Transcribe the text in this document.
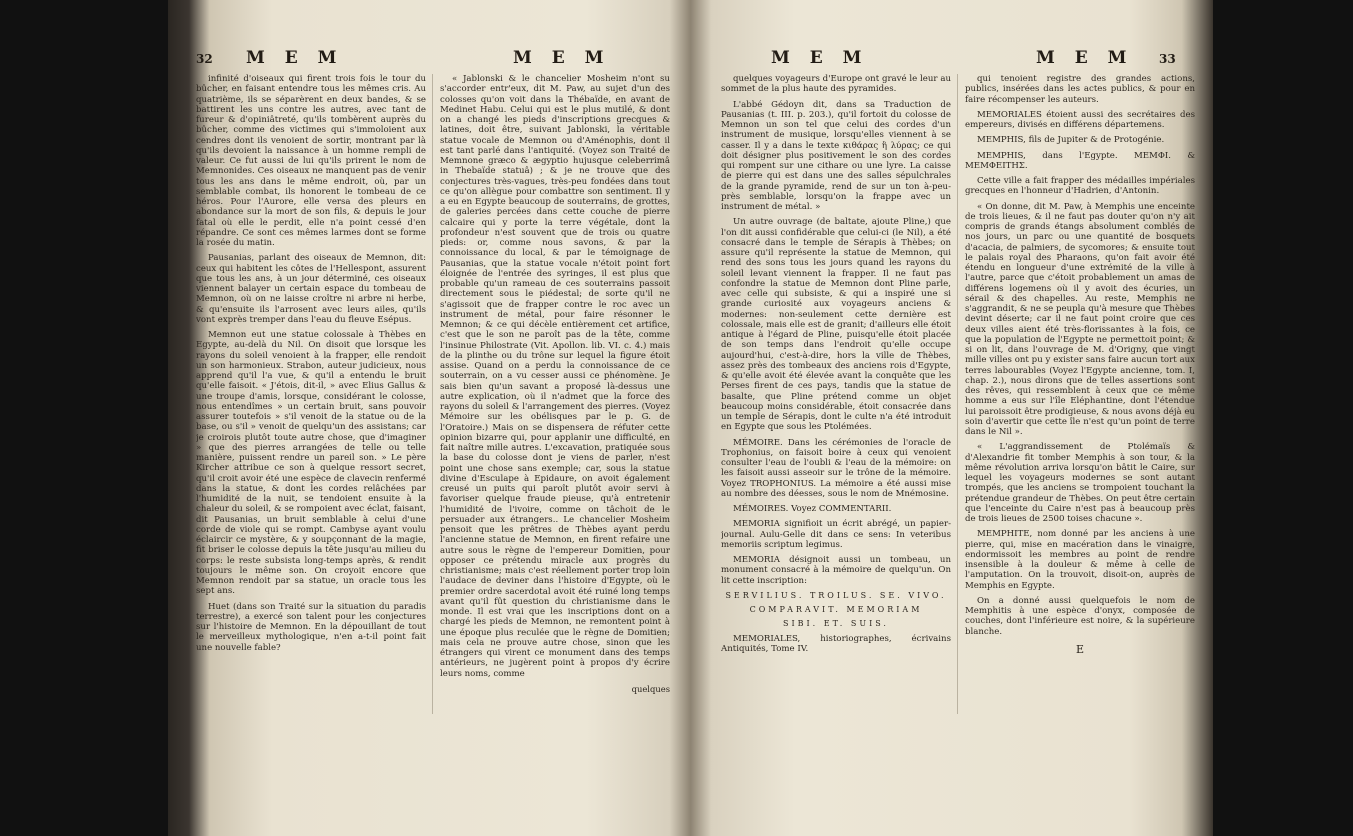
32 M E M	M E M

infinité d'oiseaux qui firent trois fois le tour du bûcher, en faisant entendre tous les mêmes cris. Au quatrième, ils se séparèrent en deux bandes, & se battirent les uns contre les autres, avec tant de fureur & d'opiniâtreté, qu'ils tombèrent auprès du bûcher, comme des victimes qui s'immoloient aux cendres dont ils venoient de sortir, montrant par là qu'ils devoient la naissance à un homme rempli de valeur. Ce fut aussi de lui qu'ils prirent le nom de Memnonides. Ces oiseaux ne manquent pas de venir tous les ans dans le même endroit, où, par un semblable combat, ils honorent le tombeau de ce héros. Pour l'Aurore, elle versa des pleurs en abondance sur la mort de son fils, & depuis le jour fatal où elle le perdit, elle n'a point cessé d'en répandre. Ce sont ces mêmes larmes dont se forme la rosée du matin.

Pausanias, parlant des oiseaux de Memnon, dit: ceux qui habitent les côtes de l'Hellespont, assurent que tous les ans, à un jour déterminé, ces oiseaux viennent balayer un certain espace du tombeau de Memnon, où on ne laisse croître ni arbre ni herbe, & qu'ensuite ils l'arrosent avec leurs ailes, qu'ils vont exprès tremper dans l'eau du fleuve Esépus.

Memnon eut une statue colossale à Thèbes en Egypte, au-delà du Nil. On disoit que lorsque les rayons du soleil venoient à la frapper, elle rendoit un son harmonieux. Strabon, auteur judicieux, nous apprend qu'il l'a vue, & qu'il a entendu le bruit qu'elle faisoit. « J'étois, dit-il, » avec Elius Gallus & une troupe d'amis, lorsque, considérant le colosse, nous entendîmes » un certain bruit, sans pouvoir assurer toutefois » s'il venoit de la statue ou de la base, ou s'il » venoit de quelqu'un des assistans; car je croirois plutôt toute autre chose, que d'imaginer » que des pierres arrangées de telle ou telle manière, puissent rendre un pareil son. » Le père Kircher attribue ce son à quelque ressort secret, qu'il croit avoir été une espèce de clavecin renfermé dans la statue, & dont les cordes relâchées par l'humidité de la nuit, se tendoient ensuite à la chaleur du soleil, & se rompoient avec éclat, faisant, dit Pausanias, un bruit semblable à celui d'une corde de viole qui se rompt. Cambyse ayant voulu éclaircir ce mystère, & y soupçonnant de la magie, fit briser le colosse depuis la tête jusqu'au milieu du corps: le reste subsista long-temps après, & rendit toujours le même son. On croyoit encore que Memnon rendoit par sa statue, un oracle tous les sept ans.

Huet (dans son Traité sur la situation du paradis terrestre), a exercé son talent pour les conjectures sur l'histoire de Memnon. En la dépouillant de tout le merveilleux mythologique, n'en a-t-il point fait une nouvelle fable?

« Jablonski & le chancelier Mosheim n'ont su s'accorder entr'eux, dit M. Paw, au sujet d'un des colosses qu'on voit dans la Thébaïde, en avant de Medinet Habu. Celui qui est le plus mutilé, & dont on a changé les pieds d'inscriptions grecques & latines, doit être, suivant Jablonski, la véritable statue vocale de Memnon ou d'Aménophis, dont il est tant parlé dans l'antiquité. (Voyez son Traité de Memnone græco & ægyptio hujusque celeberrimâ in Thebaïde statuâ) ; & je ne trouve que des conjectures très-vagues, très-peu fondées dans tout ce qu'on allègue pour combattre son sentiment. Il y a eu en Egypte beaucoup de souterrains, de grottes, de galeries percées dans cette couche de pierre calcaire qui y porte la terre végétale, dont la profondeur n'est souvent que de trois ou quatre pieds: or, comme nous savons, & par la connoissance du local, & par le témoignage de Pausanias, que la statue vocale n'étoit point fort éloignée de l'entrée des syringes, il est plus que probable qu'un rameau de ces souterrains passoit directement sous le piédestal; de sorte qu'il ne s'agissoit que de frapper contre le roc avec un instrument de métal, pour faire résonner le Memnon; & ce qui décèle entièrement cet artifice, c'est que le son ne paroît pas de la tête, comme l'insinue Philostrate (Vit. Apollon. lib. VI. c. 4.) mais de la plinthe ou du trône sur lequel la figure étoit assise. Quand on a perdu la connoissance de ce souterrain, on a vu cesser aussi ce phénomène. Je sais bien qu'un savant a proposé là-dessus une autre explication, où il n'admet que la force des rayons du soleil & l'arrangement des pierres. (Voyez Mémoire sur les obélisques par le p. G. de l'Oratoire.) Mais on se dispensera de réfuter cette opinion bizarre qui, pour applanir une difficulté, en fait naître mille autres. L'excavation, pratiquée sous la base du colosse dont je viens de parler, n'est point une chose sans exemple; car, sous la statue divine d'Esculape à Epidaure, on avoit également creusé un puits qui paroît plutôt avoir servi à favoriser quelque fraude pieuse, qu'à entretenir l'humidité de l'ivoire, comme on tâchoit de le persuader aux étrangers.. Le chancelier Mosheim pensoit que les prêtres de Thèbes ayant perdu l'ancienne statue de Memnon, en firent refaire une autre sous le règne de l'empereur Domitien, pour opposer ce prétendu miracle aux progrès du christianisme; mais c'est réellement porter trop loin l'audace de deviner dans l'histoire d'Egypte, où le premier ordre sacerdotal avoit été ruiné long temps avant qu'il fût question du christianisme dans le monde. Il est vrai que les inscriptions dont on a chargé les pieds de Memnon, ne remontent point à une époque plus reculée que le règne de Domitien; mais cela ne prouve autre chose, sinon que les étrangers qui virent ce monument dans des temps antérieurs, ne jugèrent point à propos d'y écrire leurs noms, comme

quelques
M E M	M E M 33

quelques voyageurs d'Europe ont gravé le leur au sommet de la plus haute des pyramides.

L'abbé Gédoyn dit, dans sa Traduction de Pausanias (t. III. p. 203.), qu'il fortoit du colosse de Memnon un son tel que celui des cordes d'un instrument de musique, lorsqu'elles viennent à se casser. Il y a dans le texte κιθάρας ἢ λύρας; ce qui doit désigner plus positivement le son des cordes qui rompent sur une cithare ou une lyre. La caisse de pierre qui est dans une des salles sépulchrales de la grande pyramide, rend de sur un ton à-peu-près semblable, lorsqu'on la frappe avec un instrument de métal. »

Un autre ouvrage (de baltate, ajoute Pline,) que l'on dit aussi confidérable que celui-ci (le Nil), a été consacré dans le temple de Sérapis à Thèbes; on assure qu'il représente la statue de Memnon, qui rend des sons tous les jours quand les rayons du soleil levant viennent la frapper. Il ne faut pas confondre la statue de Memnon dont Pline parle, avec celle qui subsiste, & qui a inspiré une si grande curiosité aux voyageurs anciens & modernes: non-seulement cette dernière est colossale, mais elle est de granit; d'ailleurs elle étoit antique à l'égard de Pline, puisqu'elle étoit placée de son temps dans l'endroit qu'elle occupe aujourd'hui, c'est-à-dire, hors la ville de Thèbes, assez près des tombeaux des anciens rois d'Egypte, & qu'elle avoit été élevée avant la conquête que les Perses firent de ces pays, tandis que la statue de basalte, que Pline prétend comme un objet beaucoup moins considérable, étoit consacrée dans un temple de Sérapis, dont le culte n'a été introduit en Egypte que sous les Ptolémées.

MÉMOIRE. Dans les cérémonies de l'oracle de Trophonius, on faisoit boire à ceux qui venoient consulter l'eau de l'oubli & l'eau de la mémoire: on les faisoit aussi asseoir sur le trône de la mémoire. Voyez TROPHONIUS. La mémoire a été aussi mise au nombre des déesses, sous le nom de Mnémosine.

MÉMOIRES. Voyez COMMENTARII.

MEMORIA signifioit un écrit abrégé, un papier-journal. Aulu-Gelle dit dans ce sens: In veteribus memoriis scriptum legimus.

MEMORIA désignoit aussi un tombeau, un monument consacré à la mémoire de quelqu'un. On lit cette inscription:

SERVILIUS. TROILUS. SE. VIVO.
COMPARAVIT. MEMORIAM
SIBI. ET. SUIS.

MEMORIALES, historiographes, écrivains Antiquités, Tome IV.

qui tenoient registre des grandes actions, publics, insérées dans les actes publics, & pour en faire récompenser les auteurs.

MEMORIALES étoient aussi des secrétaires des empereurs, divisés en différens départemens.

MEMPHIS, fils de Jupiter & de Protogénie.

MEMPHIS, dans l'Egypte. MEMΦI. & MEMΦΕΙΤΗΣ.

Cette ville a fait frapper des médailles impériales grecques en l'honneur d'Hadrien, d'Antonin.

« On donne, dit M. Paw, à Memphis une enceinte de trois lieues, & il ne faut pas douter qu'on n'y ait compris de grands étangs absolument comblés de nos jours, un parc ou une quantité de bosquets d'acacia, de palmiers, de sycomores; & ensuite tout le palais royal des Pharaons, qu'on fait avoir été étendu en longueur d'une extrémité de la ville à l'autre, parce que c'étoit probablement un amas de différens logemens où il y avoit des écuries, un sérail & des chapelles. Au reste, Memphis ne s'aggrandit, & ne se peupla qu'à mesure que Thèbes devint déserte; car il ne faut point croire que ces deux villes aient été très-florissantes à la fois, ce que la population de l'Egypte ne permettoit point; & si on lit, dans l'ouvrage de M. d'Origny, que vingt mille villes ont pu y exister sans faire aucun tort aux terres labourables (Voyez l'Egypte ancienne, tom. I, chap. 2.), nous dirons que de telles assertions sont des rêves, qui ressemblent à ceux que ce même homme a eus sur l'île Eléphantine, dont l'étendue lui paroissoit être prodigieuse, & nous avons déjà eu soin d'avertir que cette île n'est qu'un point de terre dans le Nil ».

« L'aggrandissement de Ptolémaïs & d'Alexandrie fit tomber Memphis à son tour, & la même révolution arriva lorsqu'on bâtit le Caire, sur lequel les voyageurs modernes se sont autant trompés, que les anciens se trompoient touchant la prétendue grandeur de Thèbes. On peut être certain que l'enceinte du Caire n'est pas à beaucoup près de trois lieues de 2500 toises chacune ».

MEMPHITE, nom donné par les anciens à une pierre, qui, mise en macération dans le vinaigre, endormissoit les membres au point de rendre insensible à la douleur & même à celle de l'amputation. On la trouvoit, disoit-on, auprès de Memphis en Egypte.

On a donné aussi quelquefois le nom de Memphitis à une espèce d'onyx, composée de couches, dont l'inférieure est noire, & la supérieure blanche.

E
